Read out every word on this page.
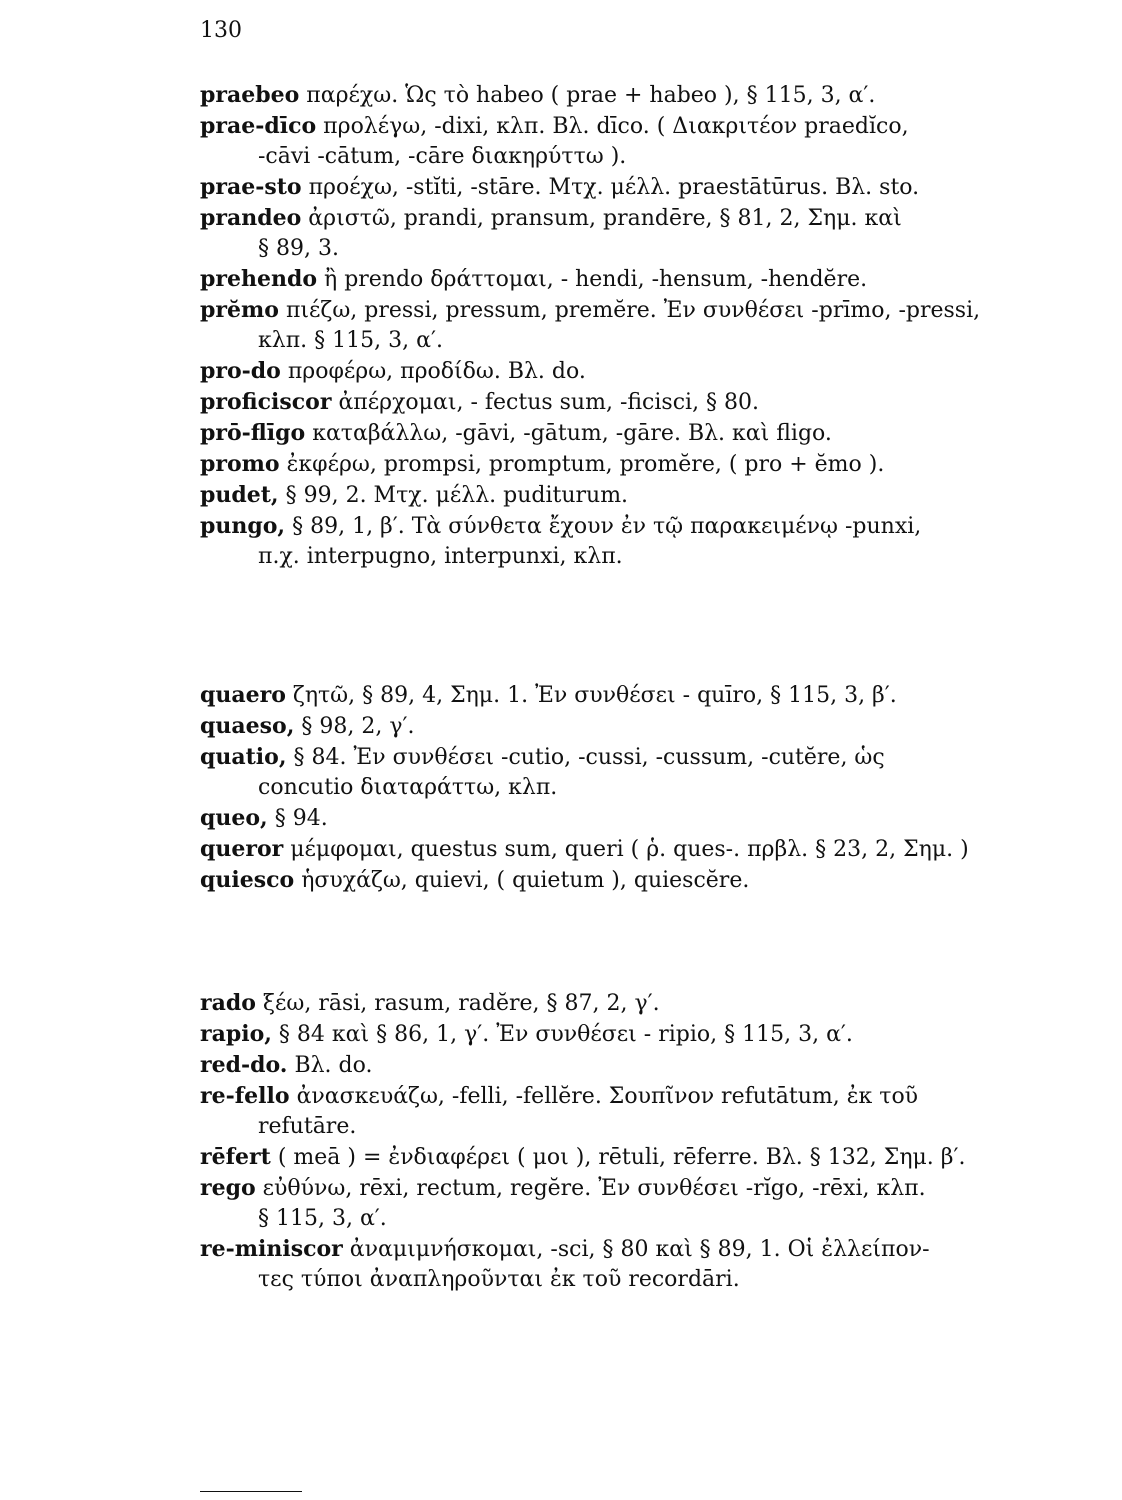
130

praebeo παρέχω. Ὡς τὸ habeo ( prae + habeo ), § 115, 3, α′.

prae-dīco προλέγω, -dixi, κλπ. Βλ. dīco. ( Διακριτέον praedĭco,
-cāvi -cātum, -cāre διακηρύττω ).

prae-sto προέχω, -stĭti, -stāre. Μτχ. μέλλ. praestātūrus. Βλ. sto.

prandeo ἀριστῶ, prandi, pransum, prandēre, § 81, 2, Σημ. καὶ
§ 89, 3.

prehendo ἢ prendo δράττομαι, - hendi, -hensum, -hendĕre.

prĕmo πιέζω, pressi, pressum, premĕre. Ἐν συνθέσει -prīmo, -pressi,
κλπ. § 115, 3, α′.

pro-do προφέρω, προδίδω. Βλ. do.

proficiscor ἀπέρχομαι, - fectus sum, -ficisci, § 80.

prō-flīgo καταβάλλω, -gāvi, -gātum, -gāre. Βλ. καὶ fligo.

promo ἐκφέρω, prompsi, promptum, promĕre, ( pro + ĕmo ).

pudet, § 99, 2. Μτχ. μέλλ. puditurum.

pungo, § 89, 1, β′. Τὰ σύνθετα ἔχουν ἐν τῷ παρακειμένῳ -punxi,
π.χ. interpugno, interpunxi, κλπ.

quaero ζητῶ, § 89, 4, Σημ. 1. Ἐν συνθέσει - quīro, § 115, 3, β′.

quaeso, § 98, 2, γ′.

quatio, § 84. Ἐν συνθέσει -cutio, -cussi, -cussum, -cutĕre, ὡς
concutio διαταράττω, κλπ.

queo, § 94.

queror μέμφομαι, questus sum, queri ( ῥ. ques-. πρβλ. § 23, 2, Σημ. )

quiesco ἡσυχάζω, quievi, ( quietum ), quiescĕre.

rado ξέω, rāsi, rasum, radĕre, § 87, 2, γ′.

rapio, § 84 καὶ § 86, 1, γ′. Ἐν συνθέσει - ripio, § 115, 3, α′.

red-do. Βλ. do.

re-fello ἀνασκευάζω, -felli, -fellĕre. Σουπῖνον refutātum, ἐκ τοῦ
refutāre.

rēfert ( meā ) = ἐνδιαφέρει ( μοι ), rētuli, rēferre. Βλ. § 132, Σημ. β′.

rego εὐθύνω, rēxi, rectum, regĕre. Ἐν συνθέσει -rĭgo, -rēxi, κλπ.
§ 115, 3, α′.

re-miniscor ἀναμιμνήσκομαι, -sci, § 80 καὶ § 89, 1. Οἱ ἐλλείπον-
τες τύποι ἀναπληροῦνται ἐκ τοῦ recordāri.
